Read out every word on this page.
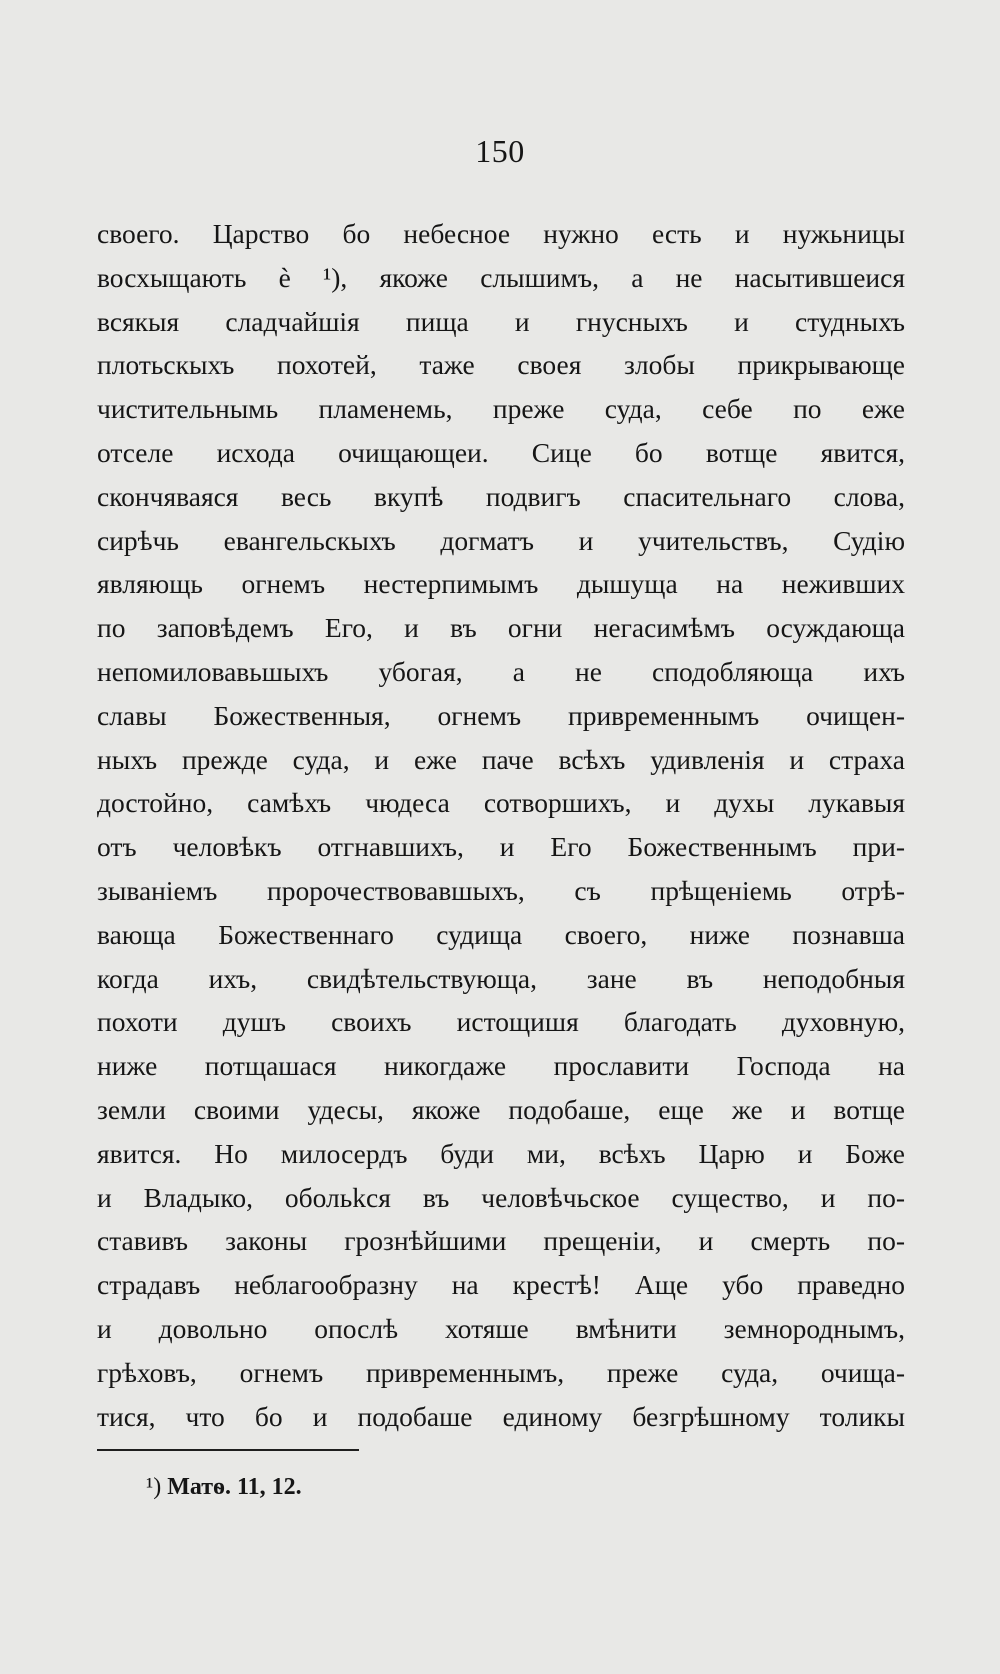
150
своего. Царство бо небесное нужно есть и нужьницы
восхыщають ѐ ¹), якоже слышимъ, а не насытившеися
всякыя сладчайшія пища и гнусныхъ и студныхъ
плотьскыхъ похотей, таже своея злобы прикрывающе
чистительнымь пламенемь, преже суда, себе по еже
отселе исхода очищающеи. Сице бо вотще явится,
скончяваяся весь вкупѣ подвигъ спасительнаго слова,
сирѣчь евангельскыхъ догматъ и учительствъ, Судію
являющь огнемъ нестерпимымъ дышуща на неживших
по заповѣдемъ Его, и въ огни негасимѣмъ осуждающа
непомиловавьшыхъ убогая, а не сподобляюща ихъ
славы Божественныя, огнемъ привременнымъ очищен-
ныхъ прежде суда, и еже паче всѣхъ удивленія и страха
достойно, самѣхъ чюдеса сотворшихъ, и духы лукавыя
отъ человѣкъ отгнавшихъ, и Его Божественнымъ при-
зываніемъ пророчествовавшыхъ, съ прѣщеніемь отрѣ-
вающа Божественнаго судища своего, ниже познавша
когда ихъ, свидѣтельствующа, зане въ неподобныя
похоти душъ своихъ истощишя благодать духовную,
ниже потщашася никогдаже прославити Господа на
земли своими удесы, якоже подобаше, еще же и вотще
явится. Но милосердъ буди ми, всѣхъ Царю и Боже
и Владыко, обольkся въ человѣчьское существо, и по-
ставивъ законы грознѣйшими прещеніи, и смерть по-
страдавъ неблагообразну на крестѣ! Аще убо праведно
и довольно опослѣ хотяше вмѣнити земнороднымъ,
грѣховъ, огнемъ привременнымъ, преже суда, очища-
тися, что бо и подобаше единому безгрѣшному толикы
¹) Матѳ. 11, 12.
